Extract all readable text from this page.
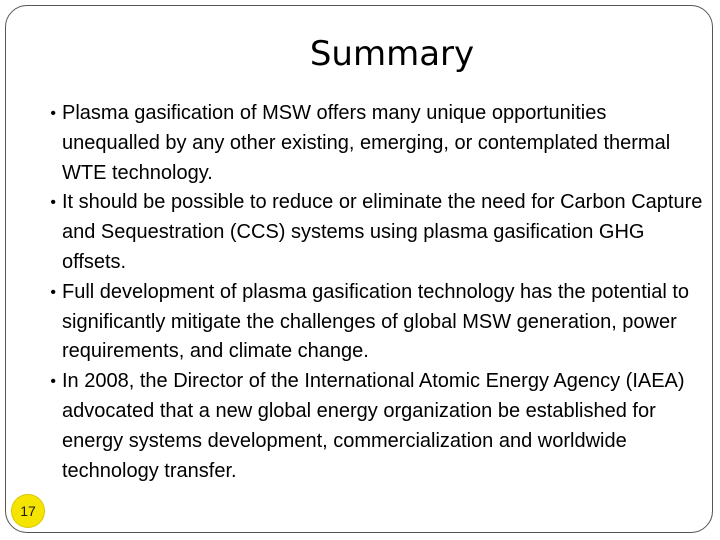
Summary
• Plasma gasification of MSW offers many unique opportunities unequalled by any other existing, emerging, or contemplated thermal WTE technology.
• It should be possible to reduce or eliminate the need for Carbon Capture and Sequestration (CCS) systems using plasma gasification GHG offsets.
• Full development of plasma gasification technology has the potential to significantly mitigate the challenges of global MSW generation, power requirements, and climate change.
• In 2008, the Director of the International Atomic Energy Agency (IAEA) advocated that a new global energy organization be established for energy systems development, commercialization and worldwide technology transfer.
17
